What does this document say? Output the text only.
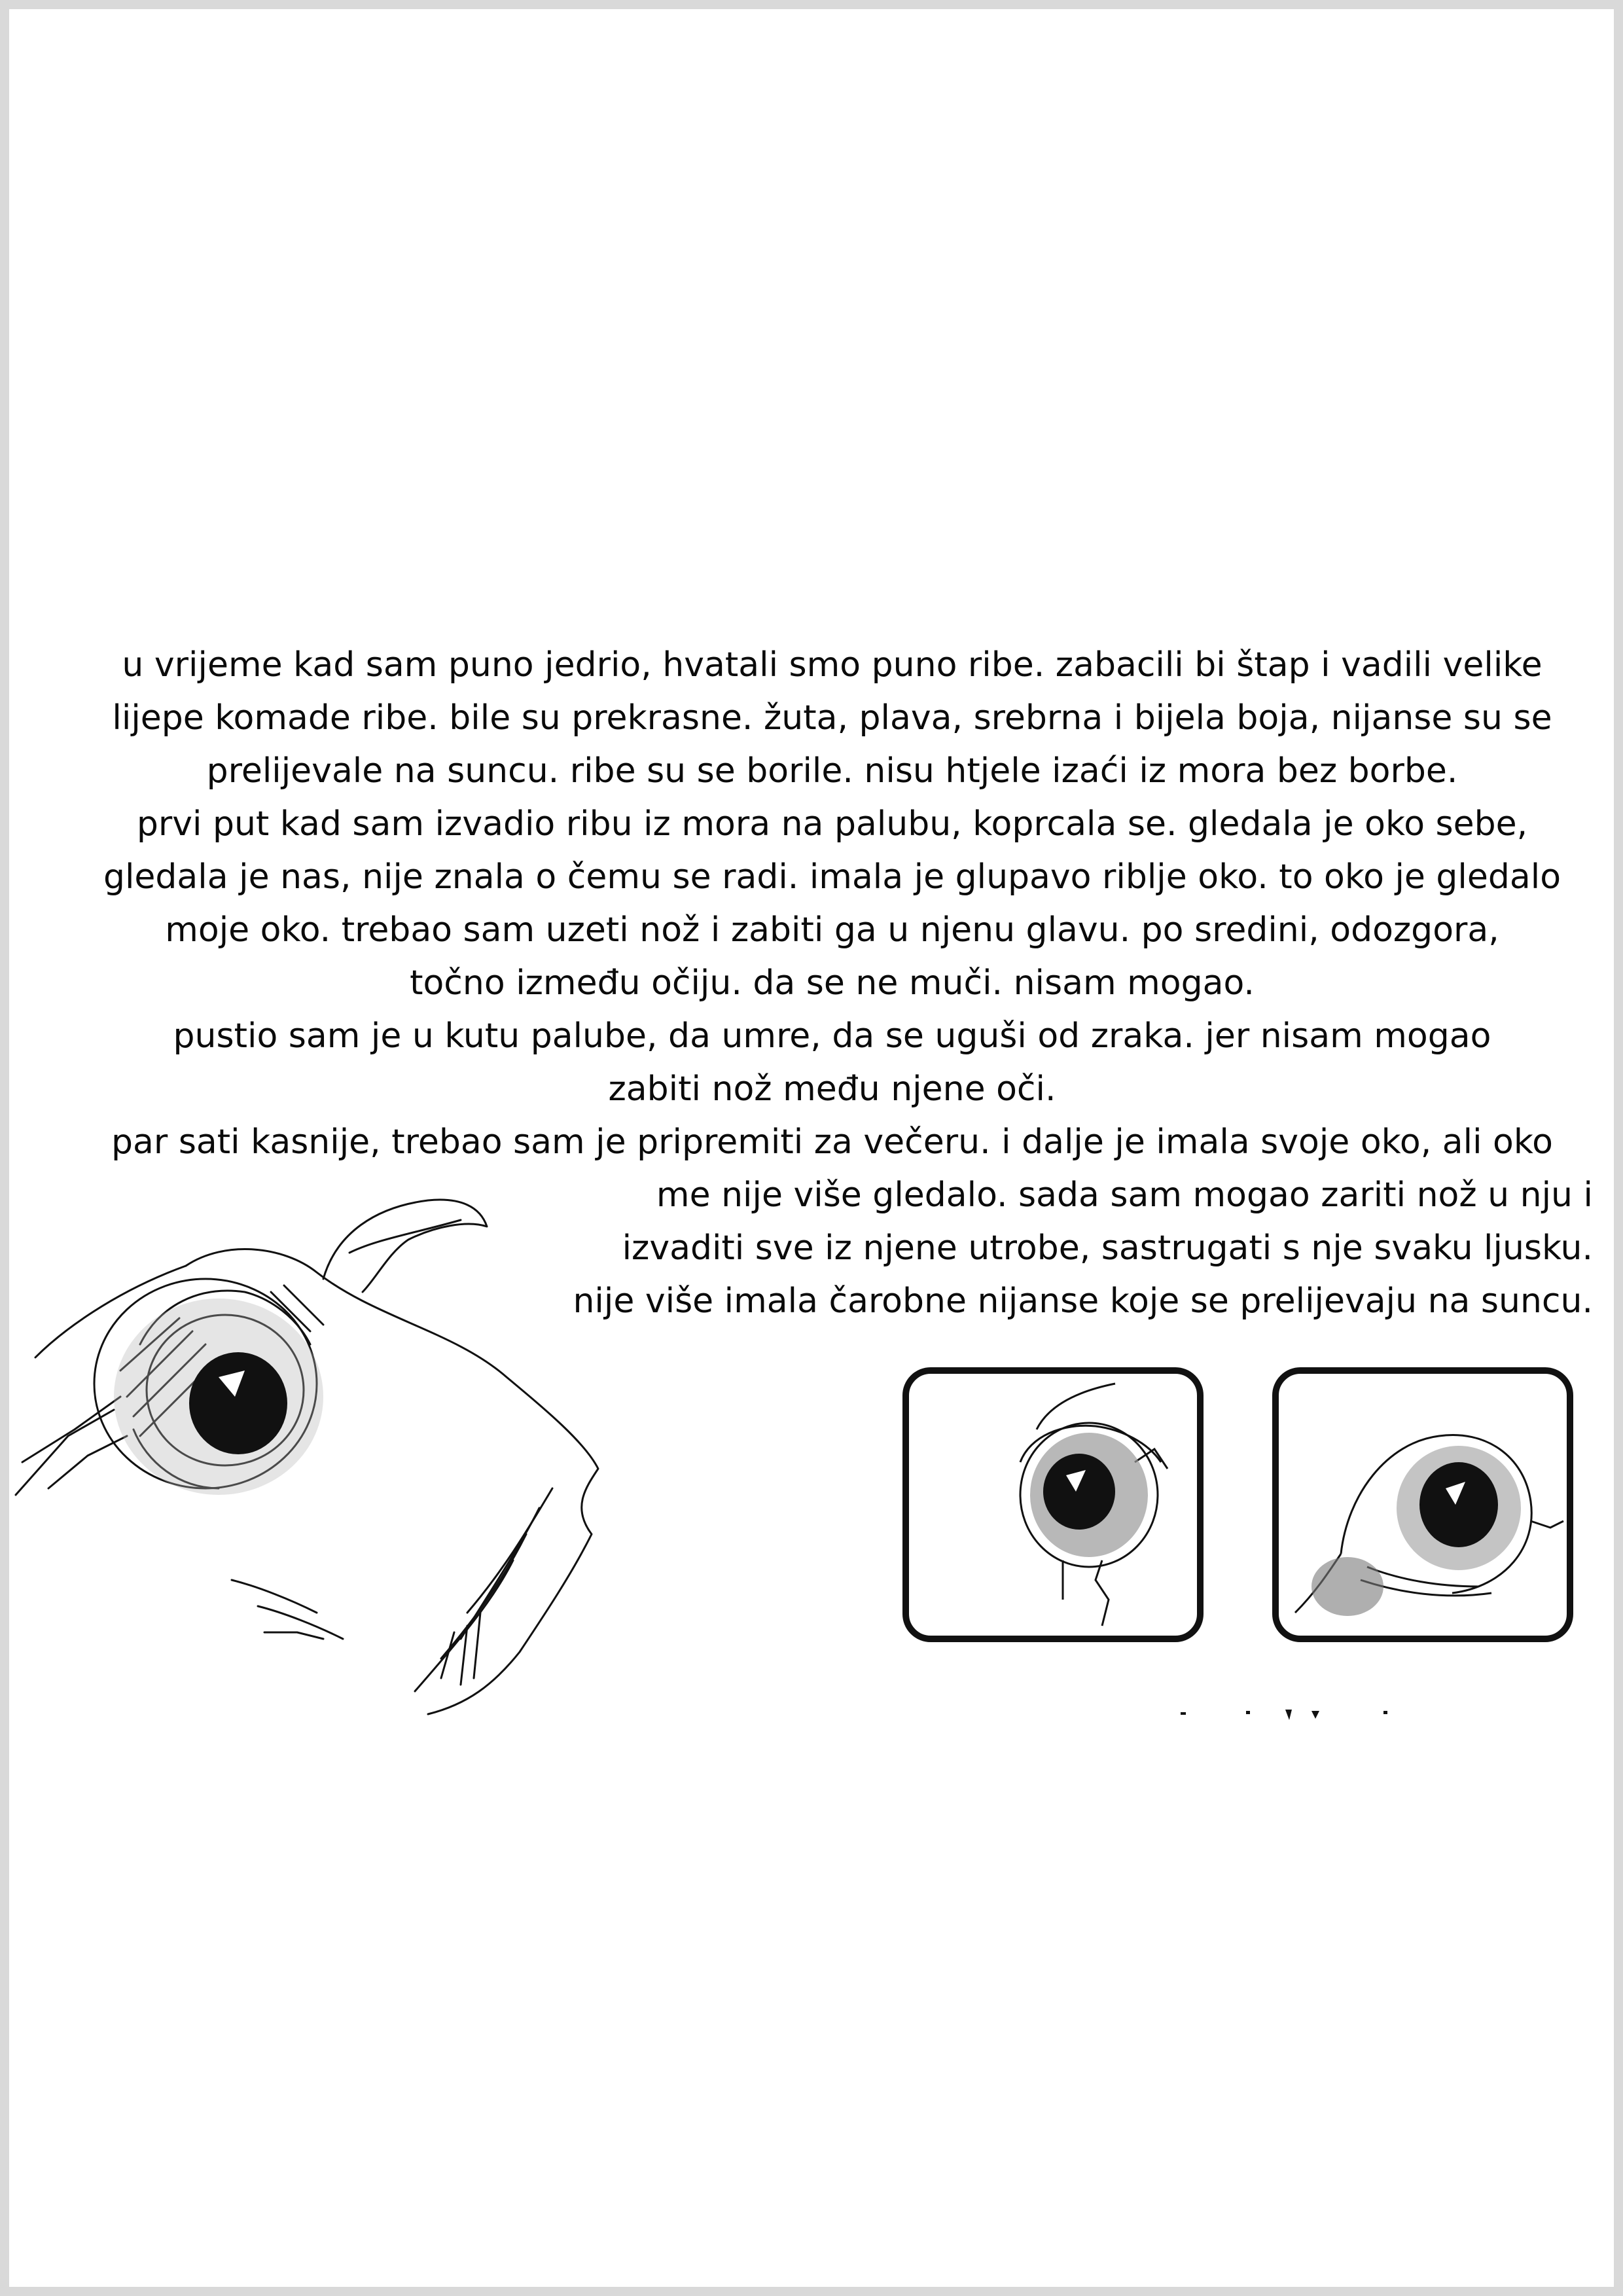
u vrijeme kad sam puno jedrio, hvatali smo puno ribe. zabacili bi štap i vadili velike
lijepe komade ribe. bile su prekrasne. žuta, plava, srebrna i bijela boja, nijanse su se
prelijevale na suncu. ribe su se borile. nisu htjele izaći iz mora bez borbe.
prvi put kad sam izvadio ribu iz mora na palubu, koprcala se. gledala je oko sebe,
gledala je nas, nije znala o čemu se radi. imala je glupavo riblje oko. to oko je gledalo
moje oko. trebao sam uzeti nož i zabiti ga u njenu glavu. po sredini, odozgora,
točno između očiju. da se ne muči. nisam mogao.
pustio sam je u kutu palube, da umre, da se uguši od zraka. jer nisam mogao
zabiti nož među njene oči.
par sati kasnije, trebao sam je pripremiti za večeru. i dalje je imala svoje oko, ali oko
me nije više gledalo. sada sam mogao zariti nož u nju i
izvaditi sve iz njene utrobe, sastrugati s nje svaku ljusku.
nije više imala čarobne nijanse koje se prelijevaju na suncu.
